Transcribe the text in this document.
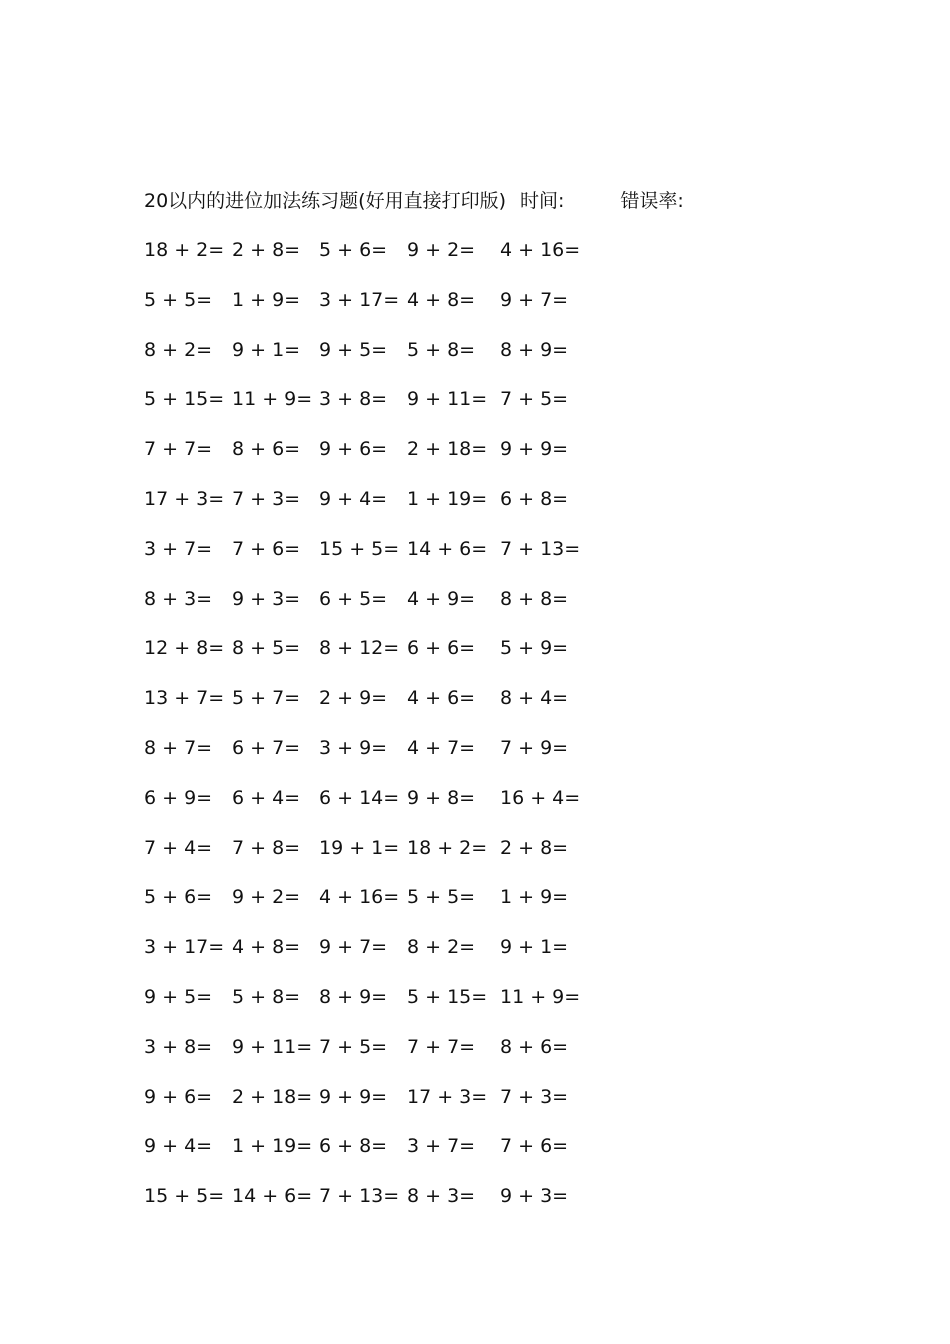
20以内的进位加法练习题(好用直接打印版) 时间:	错误率:
18 + 2= 2 + 8= 5 + 6= 9 + 2= 4 + 16=
5 + 5= 1 + 9= 3 + 17= 4 + 8= 9 + 7=
8 + 2= 9 + 1= 9 + 5= 5 + 8= 8 + 9=
5 + 15= 11 + 9= 3 + 8= 9 + 11= 7 + 5=
7 + 7= 8 + 6= 9 + 6= 2 + 18= 9 + 9=
17 + 3= 7 + 3= 9 + 4= 1 + 19= 6 + 8=
3 + 7= 7 + 6= 15 + 5= 14 + 6= 7 + 13=
8 + 3= 9 + 3= 6 + 5= 4 + 9= 8 + 8=
12 + 8= 8 + 5= 8 + 12= 6 + 6= 5 + 9=
13 + 7= 5 + 7= 2 + 9= 4 + 6= 8 + 4=
8 + 7= 6 + 7= 3 + 9= 4 + 7= 7 + 9=
6 + 9= 6 + 4= 6 + 14= 9 + 8= 16 + 4=
7 + 4= 7 + 8= 19 + 1= 18 + 2= 2 + 8=
5 + 6= 9 + 2= 4 + 16= 5 + 5= 1 + 9=
3 + 17= 4 + 8= 9 + 7= 8 + 2= 9 + 1=
9 + 5= 5 + 8= 8 + 9= 5 + 15= 11 + 9=
3 + 8= 9 + 11= 7 + 5= 7 + 7= 8 + 6=
9 + 6= 2 + 18= 9 + 9= 17 + 3= 7 + 3=
9 + 4= 1 + 19= 6 + 8= 3 + 7= 7 + 6=
15 + 5= 14 + 6= 7 + 13= 8 + 3= 9 + 3=
